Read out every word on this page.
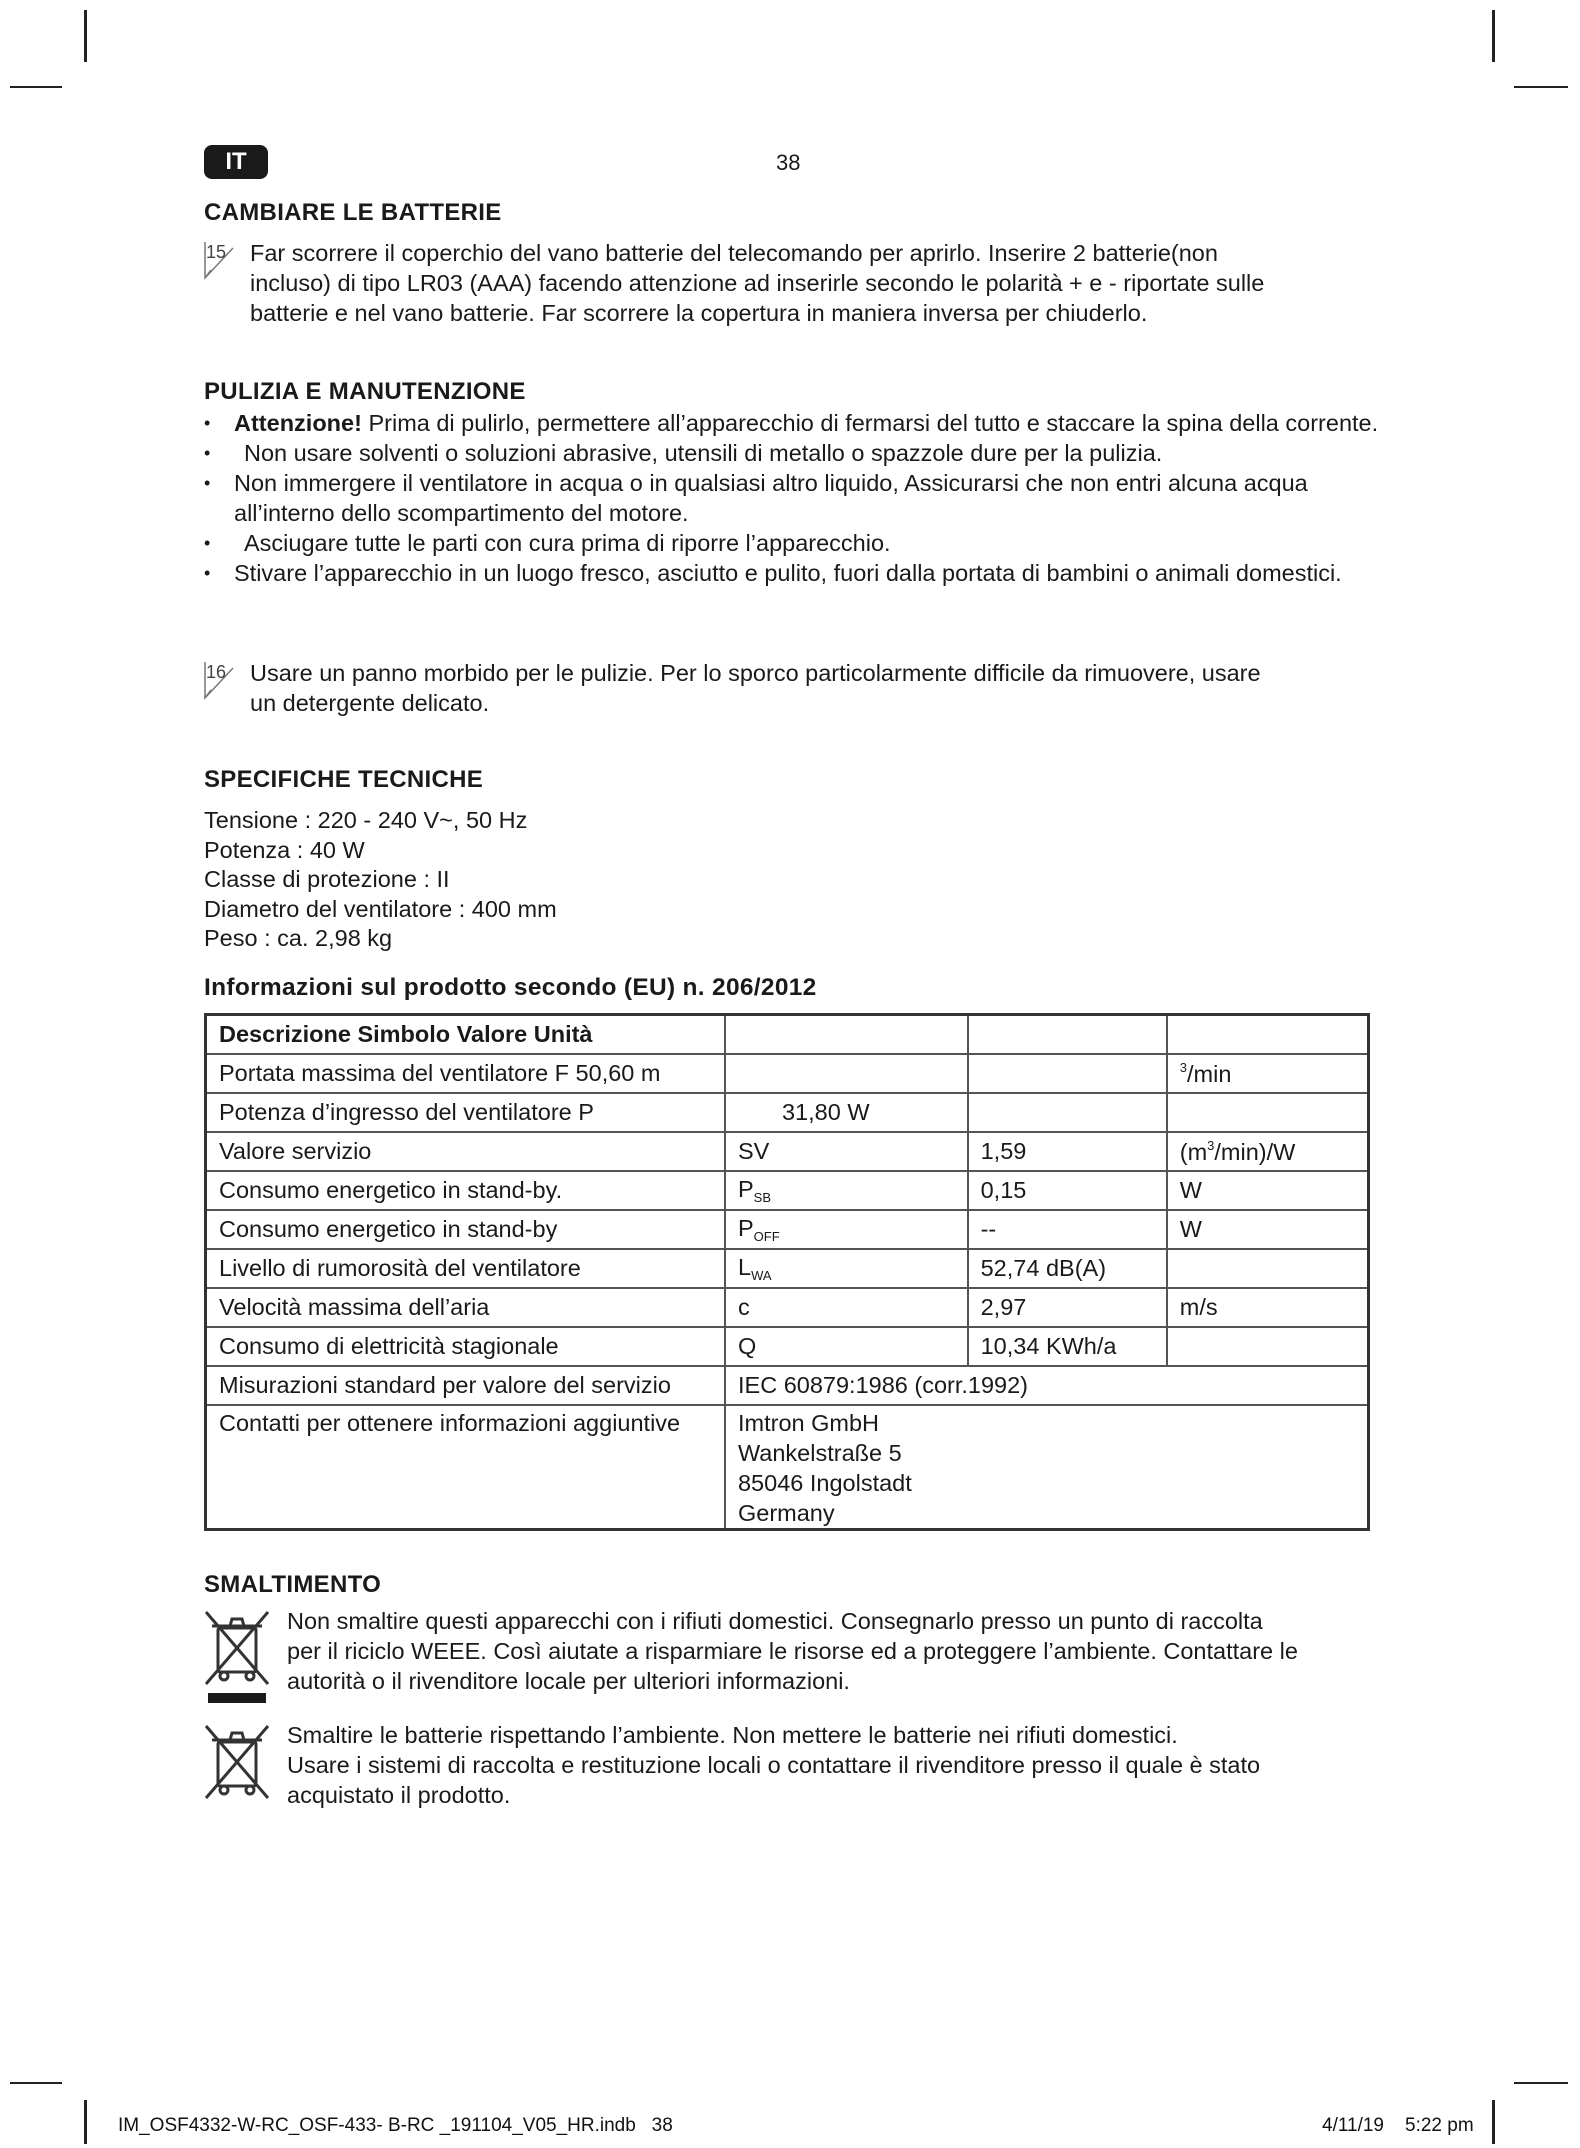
IT	38
CAMBIARE LE BATTERIE
15 Far scorrere il coperchio del vano batterie del telecomando per aprirlo. Inserire 2 batterie(non
incluso) di tipo LR03 (AAA) facendo attenzione ad inserirle secondo le polarità + e - riportate sulle
batterie e nel vano batterie. Far scorrere la copertura in maniera inversa per chiuderlo.
PULIZIA E MANUTENZIONE
• Attenzione! Prima di pulirlo, permettere all’apparecchio di fermarsi del tutto e staccare la spina della corrente.
• Non usare solventi o soluzioni abrasive, utensili di metallo o spazzole dure per la pulizia.
• Non immergere il ventilatore in acqua o in qualsiasi altro liquido, Assicurarsi che non entri alcuna acqua all’interno dello scompartimento del motore.
• Asciugare tutte le parti con cura prima di riporre l’apparecchio.
• Stivare l’apparecchio in un luogo fresco, asciutto e pulito, fuori dalla portata di bambini o animali domestici.
16 Usare un panno morbido per le pulizie. Per lo sporco particolarmente difficile da rimuovere, usare
un detergente delicato.
SPECIFICHE TECNICHE
Tensione : 220 - 240 V~, 50 Hz
Potenza : 40 W
Classe di protezione : II
Diametro del ventilatore : 400 mm
Peso : ca. 2,98 kg
Informazioni sul prodotto secondo (EU) n. 206/2012
Descrizione Simbolo Valore Unità			
Portata massima del ventilatore F 50,60 m			$^3$/min
Potenza d’ingresso del ventilatore P	31,80 W		
Valore servizio	SV	1,59	$(m^3/\min)/W$
Consumo energetico in stand-by.	$P_{SB}$	0,15	W
Consumo energetico in stand-by	$P_{OFF}$	--	W
Livello di rumorosità del ventilatore	$L_{WA}$	52,74 dB(A)	
Velocità massima dell’aria	c	2,97	m/s
Consumo di elettricità stagionale	Q	10,34 KWh/a	
Misurazioni standard per valore del servizio	IEC 60879:1986 (corr.1992)		
Contatti per ottenere informazioni aggiuntive	Imtron GmbH
Wankelstraße 5
85046 Ingolstadt
Germany		
SMALTIMENTO
Non smaltire questi apparecchi con i rifiuti domestici. Consegnarlo presso un punto di raccolta
per il riciclo WEEE. Così aiutate a risparmiare le risorse ed a proteggere l’ambiente. Contattare le
autorità o il rivenditore locale per ulteriori informazioni.
Smaltire le batterie rispettando l’ambiente. Non mettere le batterie nei rifiuti domestici.
Usare i sistemi di raccolta e restituzione locali o contattare il rivenditore presso il quale è stato
acquistato il prodotto.
IM_OSF4332-W-RC_OSF-433- B-RC _191104_V05_HR.indb   38	4/11/19 5:22 pm
